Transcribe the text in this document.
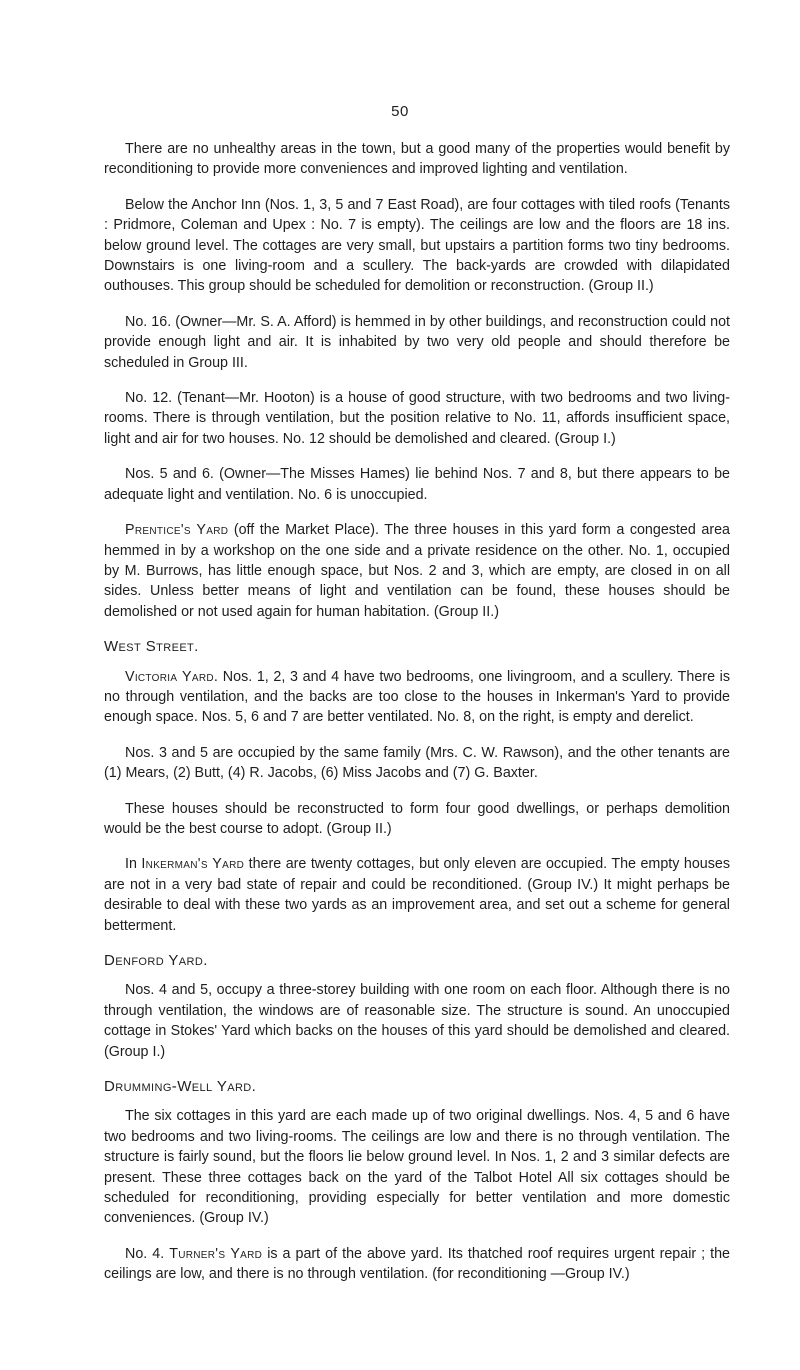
50

There are no unhealthy areas in the town, but a good many of the properties would benefit by reconditioning to provide more conveniences and improved lighting and ventilation.

Below the Anchor Inn (Nos. 1, 3, 5 and 7 East Road), are four cottages with tiled roofs (Tenants : Pridmore, Coleman and Upex : No. 7 is empty). The ceilings are low and the floors are 18 ins. below ground level. The cottages are very small, but upstairs a partition forms two tiny bedrooms. Downstairs is one living-room and a scullery. The back-yards are crowded with dilapidated outhouses. This group should be scheduled for demolition or reconstruction. (Group II.)

No. 16. (Owner—Mr. S. A. Afford) is hemmed in by other buildings, and reconstruction could not provide enough light and air. It is inhabited by two very old people and should therefore be scheduled in Group III.

No. 12. (Tenant—Mr. Hooton) is a house of good structure, with two bedrooms and two living-rooms. There is through ventilation, but the position relative to No. 11, affords insufficient space, light and air for two houses. No. 12 should be demolished and cleared. (Group I.)

Nos. 5 and 6. (Owner—The Misses Hames) lie behind Nos. 7 and 8, but there appears to be adequate light and ventilation. No. 6 is unoccupied.

Prentice's Yard (off the Market Place). The three houses in this yard form a congested area hemmed in by a workshop on the one side and a private residence on the other. No. 1, occupied by M. Burrows, has little enough space, but Nos. 2 and 3, which are empty, are closed in on all sides. Unless better means of light and ventilation can be found, these houses should be demolished or not used again for human habitation. (Group II.)

West Street.

Victoria Yard. Nos. 1, 2, 3 and 4 have two bedrooms, one livingroom, and a scullery. There is no through ventilation, and the backs are too close to the houses in Inkerman's Yard to provide enough space. Nos. 5, 6 and 7 are better ventilated. No. 8, on the right, is empty and derelict.

Nos. 3 and 5 are occupied by the same family (Mrs. C. W. Rawson), and the other tenants are (1) Mears, (2) Butt, (4) R. Jacobs, (6) Miss Jacobs and (7) G. Baxter.

These houses should be reconstructed to form four good dwellings, or perhaps demolition would be the best course to adopt. (Group II.)

In Inkerman's Yard there are twenty cottages, but only eleven are occupied. The empty houses are not in a very bad state of repair and could be reconditioned. (Group IV.) It might perhaps be desirable to deal with these two yards as an improvement area, and set out a scheme for general betterment.

Denford Yard.

Nos. 4 and 5, occupy a three-storey building with one room on each floor. Although there is no through ventilation, the windows are of reasonable size. The structure is sound. An unoccupied cottage in Stokes' Yard which backs on the houses of this yard should be demolished and cleared. (Group I.)

Drumming-Well Yard.

The six cottages in this yard are each made up of two original dwellings. Nos. 4, 5 and 6 have two bedrooms and two living-rooms. The ceilings are low and there is no through ventilation. The structure is fairly sound, but the floors lie below ground level. In Nos. 1, 2 and 3 similar defects are present. These three cottages back on the yard of the Talbot Hotel All six cottages should be scheduled for reconditioning, providing especially for better ventilation and more domestic conveniences. (Group IV.)

No. 4. Turner's Yard is a part of the above yard. Its thatched roof requires urgent repair ; the ceilings are low, and there is no through ventilation. (for reconditioning —Group IV.)
